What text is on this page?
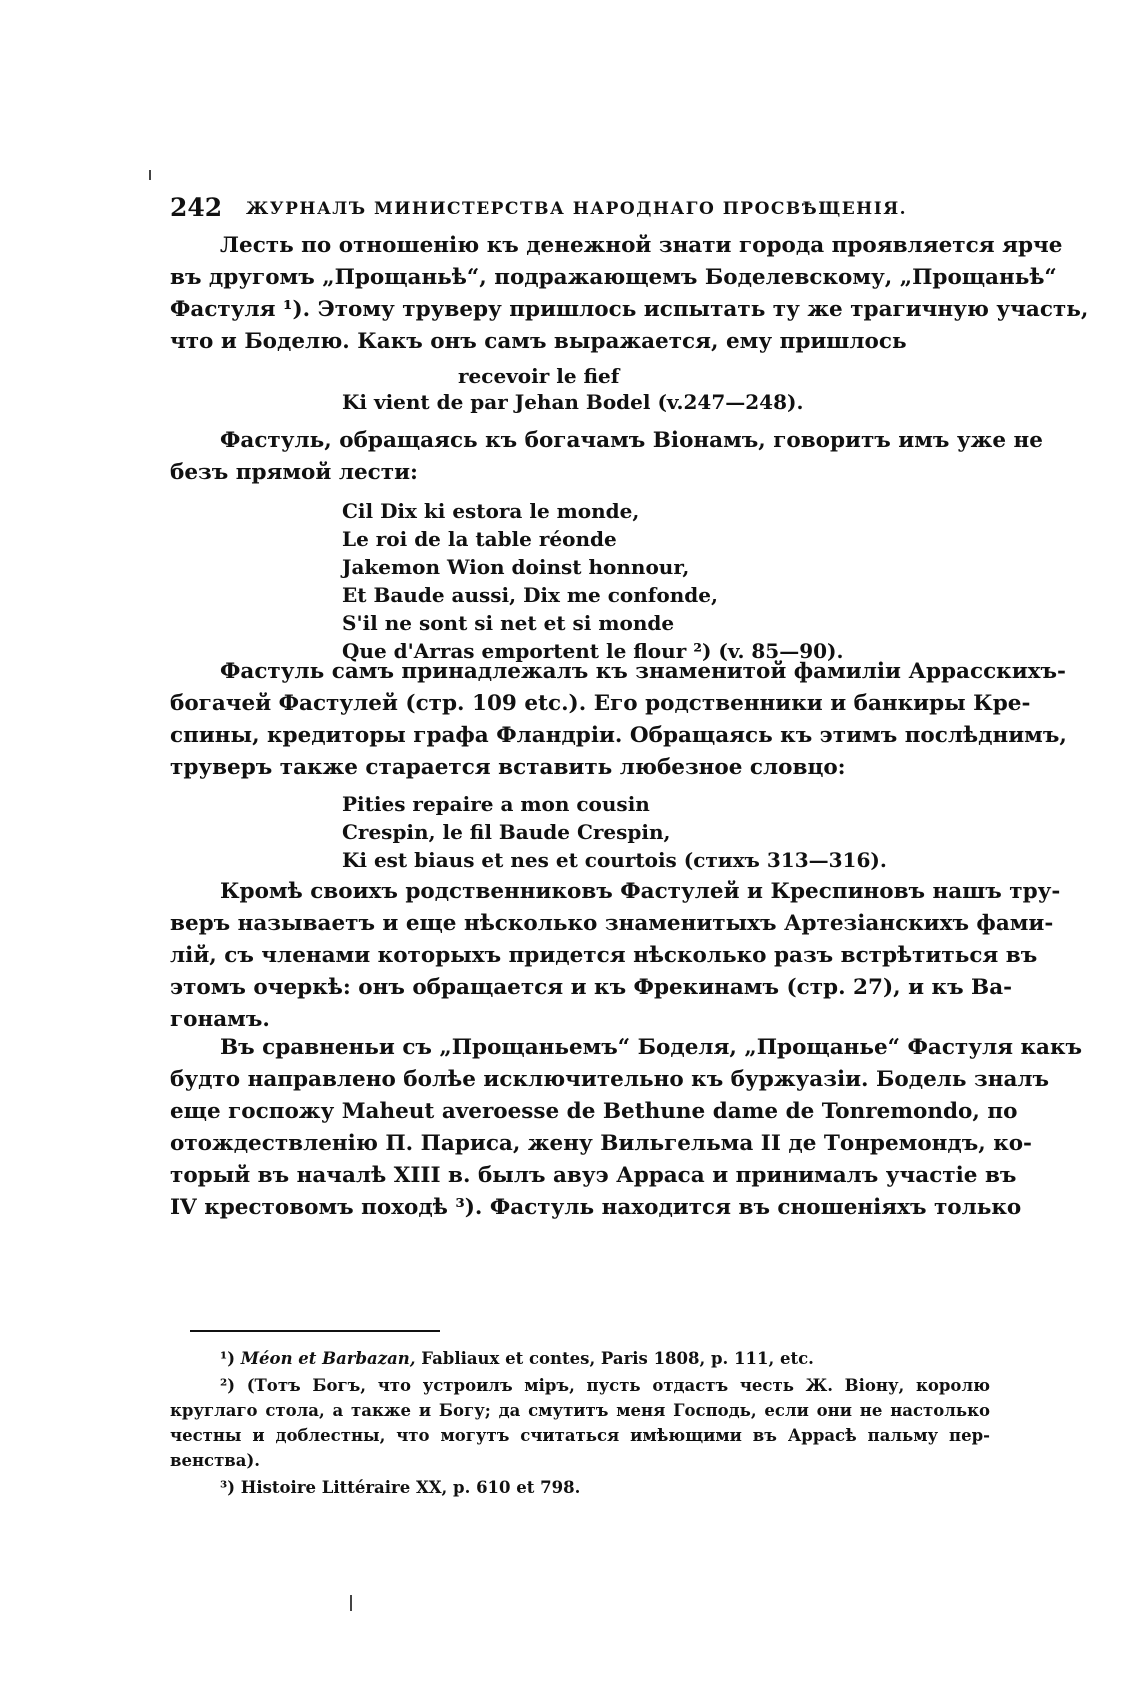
242 ЖУРНАЛЪ МИНИСТЕРСТВА НАРОДНАГО ПРОСВѢЩЕНІЯ.
Лесть по отношенію къ денежной знати города проявляется ярче
въ другомъ „Прощаньѣ“, подражающемъ Боделевскому, „Прощаньѣ“
Фастуля ¹). Этому труверу пришлось испытать ту же трагичную участь,
что и Боделю. Какъ онъ самъ выражается, ему пришлось
recevoir le fief
Ki vient de par Jehan Bodel (v.247—248).
Фастуль, обращаясь къ богачамъ Віонамъ, говоритъ имъ уже не
безъ прямой лести:
Cil Dix ki estora le monde,
Le roi de la table réonde
Jakemon Wion doinst honnour,
Et Baude aussi, Dix me confonde,
S'il ne sont si net et si monde
Que d'Arras emportent le flour ²) (v. 85—90).
Фастуль самъ принадлежалъ къ знаменитой фамиліи Аррасскихъ-
богачей Фастулей (стр. 109 etc.). Его родственники и банкиры Кре-
спины, кредиторы графа Фландріи. Обращаясь къ этимъ послѣднимъ,
труверъ также старается вставить любезное словцо:
Pities repaire a mon cousin
Crespin, le fil Baude Crespin,
Ki est biaus et nes et courtois (стихъ 313—316).
Кромѣ своихъ родственниковъ Фастулей и Креспиновъ нашъ тру-
веръ называетъ и еще нѣсколько знаменитыхъ Артезіанскихъ фами-
лій, съ членами которыхъ придется нѣсколько разъ встрѣтиться въ
этомъ очеркѣ: онъ обращается и къ Фрекинамъ (стр. 27), и къ Ва-
гонамъ.
Въ сравненьи съ „Прощаньемъ“ Боделя, „Прощанье“ Фастуля какъ
будто направлено болѣе исключительно къ буржуазіи. Бодель зналъ
еще госпожу Maheut averoesse de Bethune dame de Tonremondo, по
отождествленію П. Париса, жену Вильгельма II де Тонремондъ, ко-
торый въ началѣ XIII в. былъ авуэ Арраса и принималъ участіе въ
IV крестовомъ походѣ ³). Фастуль находится въ сношеніяхъ только
¹) Méon et Barbazan, Fabliaux et contes, Paris 1808, p. 111, etc.
²) (Тотъ Богъ, что устроилъ міръ, пусть отдастъ честь Ж. Віону, королю
круглаго стола, а также и Богу; да смутитъ меня Господь, если они не настолько
честны и доблестны, что могутъ считаться имѣющими въ Аррасѣ пальму пер-
венства).
³) Histoire Littéraire XX, p. 610 et 798.
